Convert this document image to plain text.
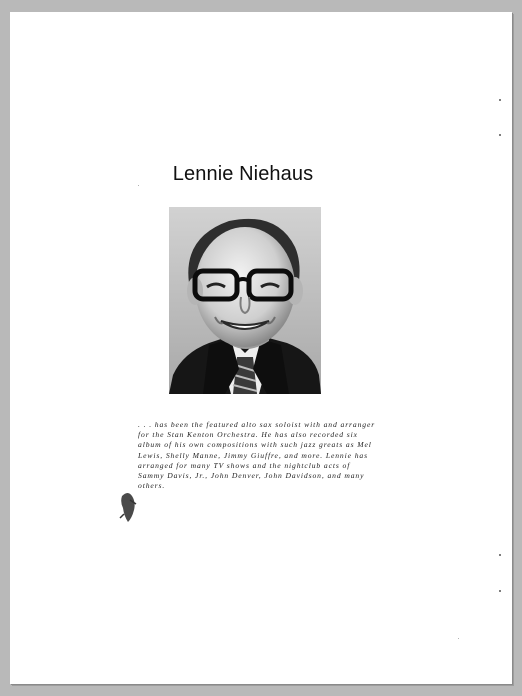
Lennie Niehaus

. . . has been the featured alto sax soloist with and arranger for the Stan Kenton Orchestra. He has also recorded six album of his own compositions with such jazz greats as Mel Lewis, Shelly Manne, Jimmy Giuffre, and more. Lennie has arranged for many TV shows and the nightclub acts of Sammy Davis, Jr., John Denver, John Davidson, and many others.
